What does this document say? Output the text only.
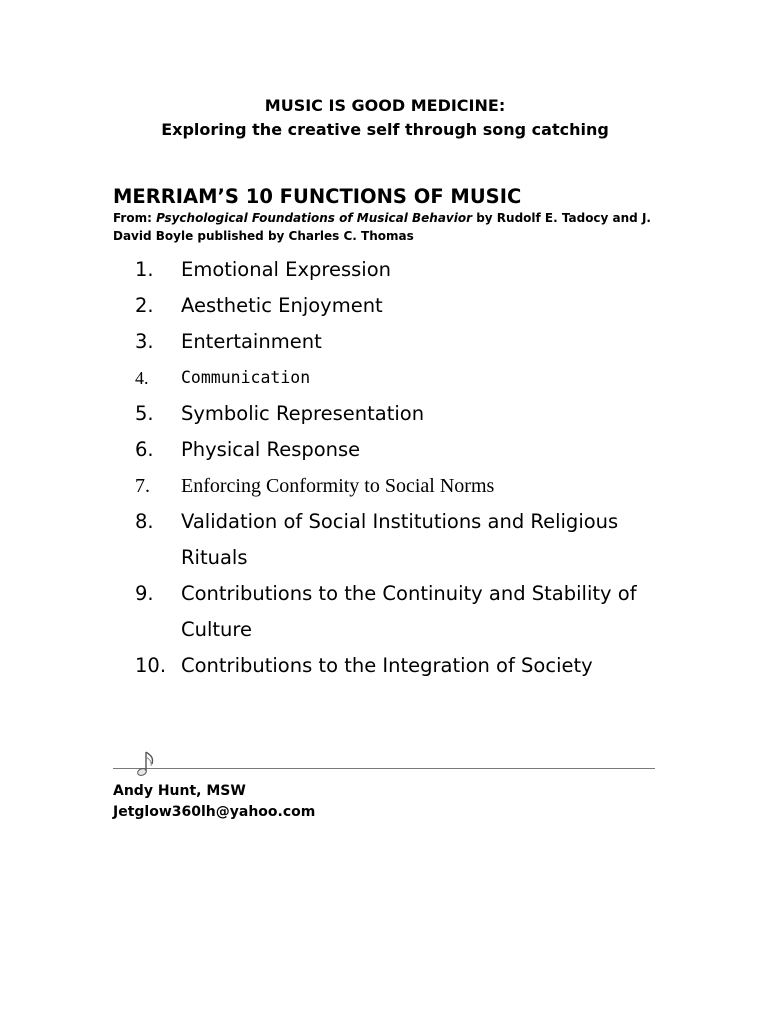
MUSIC IS GOOD MEDICINE:
Exploring the creative self through song catching
MERRIAM’S 10 FUNCTIONS OF MUSIC
From: Psychological Foundations of Musical Behavior by Rudolf E. Tadocy and J. David Boyle published by Charles C. Thomas
1. Emotional Expression
2. Aesthetic Enjoyment
3. Entertainment
4. Communication
5. Symbolic Representation
6. Physical Response
7. Enforcing Conformity to Social Norms
8. Validation of Social Institutions and Religious Rituals
9. Contributions to the Continuity and Stability of Culture
10. Contributions to the Integration of Society
Andy Hunt, MSW
Jetglow360lh@yahoo.com
